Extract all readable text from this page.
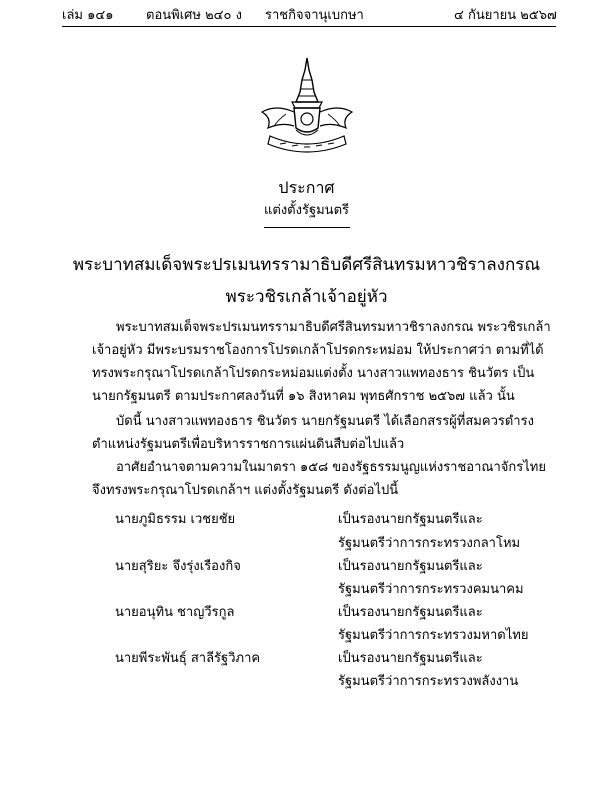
เล่ม ๑๔๑	ตอนพิเศษ ๒๔๐ ง ราชกิจจานุเบกษา	๔ กันยายน ๒๕๖๗
ประกาศ
แต่งตั้งรัฐมนตรี
พระบาทสมเด็จพระปรเมนทรรามาธิบดีศรีสินทรมหาวชิราลงกรณ
พระวชิรเกล้าเจ้าอยู่หัว
พระบาทสมเด็จพระปรเมนทรรามาธิบดีศรีสินทรมหาวชิราลงกรณ พระวชิรเกล้าเจ้าอยู่หัว มีพระบรมราชโองการโปรดเกล้าโปรดกระหม่อม ให้ประกาศว่า ตามที่ได้ทรงพระกรุณาโปรดเกล้าโปรดกระหม่อมแต่งตั้ง นางสาวแพทองธาร ชินวัตร เป็นนายกรัฐมนตรี ตามประกาศลงวันที่ ๑๖ สิงหาคม พุทธศักราช ๒๕๖๗ แล้ว นั้น
บัดนี้ นางสาวแพทองธาร ชินวัตร นายกรัฐมนตรี ได้เลือกสรรผู้ที่สมควรดำรงตำแหน่งรัฐมนตรีเพื่อบริหารราชการแผ่นดินสืบต่อไปแล้ว
อาศัยอำนาจตามความในมาตรา ๑๕๘ ของรัฐธรรมนูญแห่งราชอาณาจักรไทย จึงทรงพระกรุณาโปรดเกล้าฯ แต่งตั้งรัฐมนตรี ดังต่อไปนี้
นายภูมิธรรม เวชยชัย	เป็นรองนายกรัฐมนตรีและ
รัฐมนตรีว่าการกระทรวงกลาโหม
นายสุริยะ จึงรุ่งเรืองกิจ	เป็นรองนายกรัฐมนตรีและ
รัฐมนตรีว่าการกระทรวงคมนาคม
นายอนุทิน ชาญวีรกูล	เป็นรองนายกรัฐมนตรีและ
รัฐมนตรีว่าการกระทรวงมหาดไทย
นายพีระพันธุ์ สาลีรัฐวิภาค	เป็นรองนายกรัฐมนตรีและ
รัฐมนตรีว่าการกระทรวงพลังงาน
